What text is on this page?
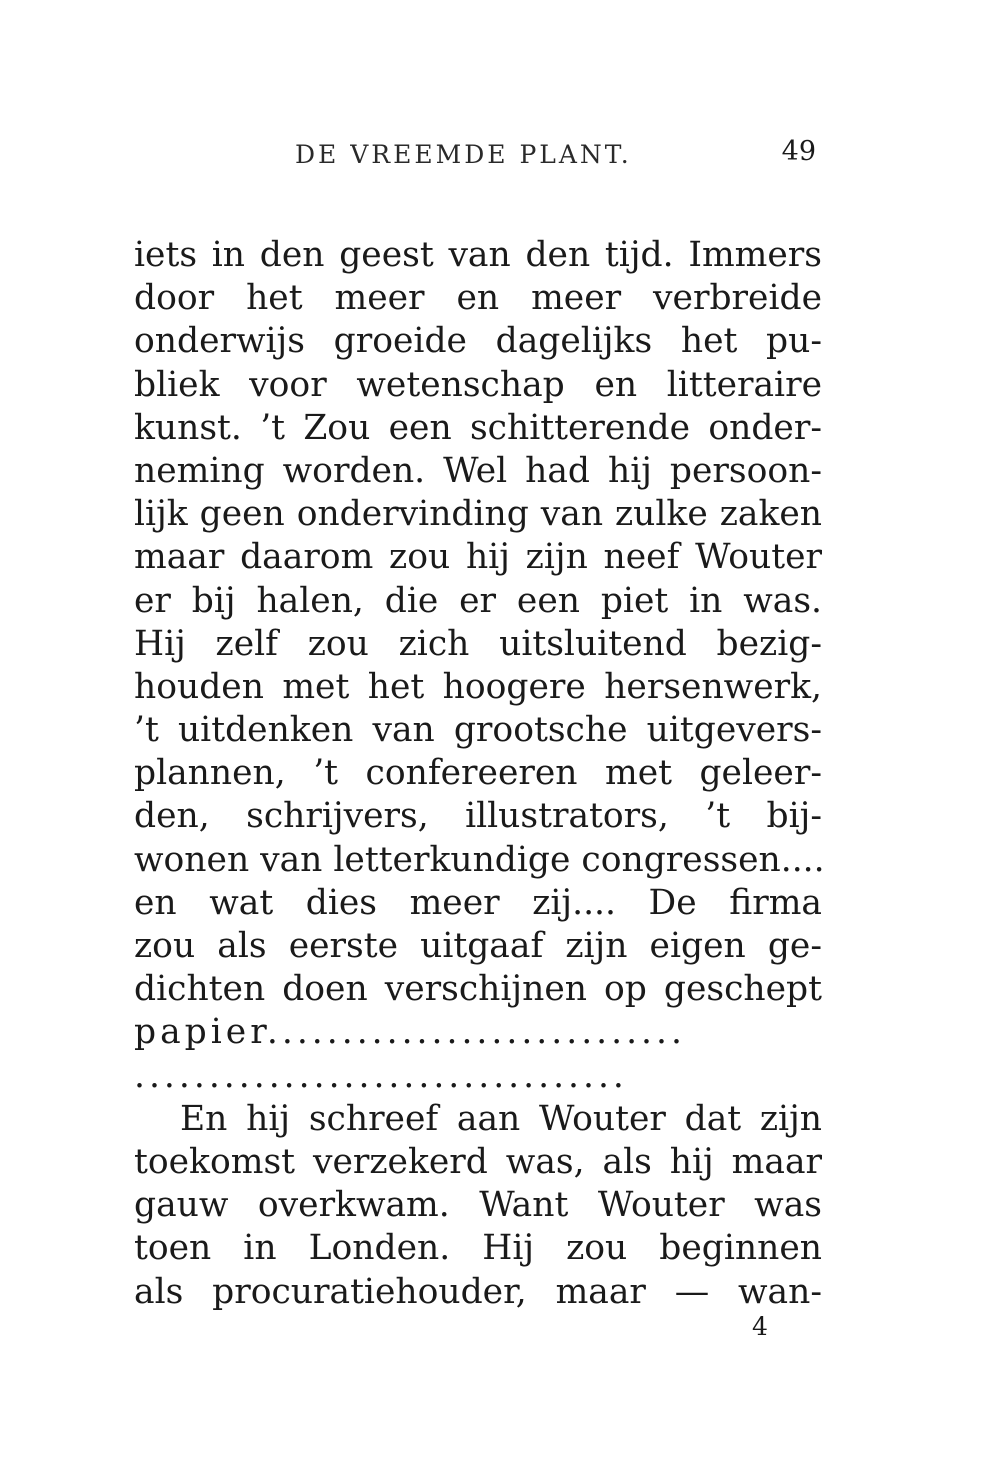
DE VREEMDE PLANT.	49
iets in den geest van den tijd. Immers
door het meer en meer verbreide
onderwijs groeide dagelijks het pu-
bliek voor wetenschap en litteraire
kunst. ’t Zou een schitterende onder-
neming worden. Wel had hij persoon-
lijk geen ondervinding van zulke zaken
maar daarom zou hij zijn neef Wouter
er bij halen, die er een piet in was.
Hij zelf zou zich uitsluitend bezig-
houden met het hoogere hersenwerk,
’t uitdenken van grootsche uitgevers-
plannen, ’t confereeren met geleer-
den, schrijvers, illustrators, ’t bij-
wonen van letterkundige congressen....
en wat dies meer zij.... De firma
zou als eerste uitgaaf zijn eigen ge-
dichten doen verschijnen op geschept
papier............................
.................................
En hij schreef aan Wouter dat zijn
toekomst verzekerd was, als hij maar
gauw overkwam. Want Wouter was
toen in Londen. Hij zou beginnen
als procuratiehouder, maar — wan-
4
